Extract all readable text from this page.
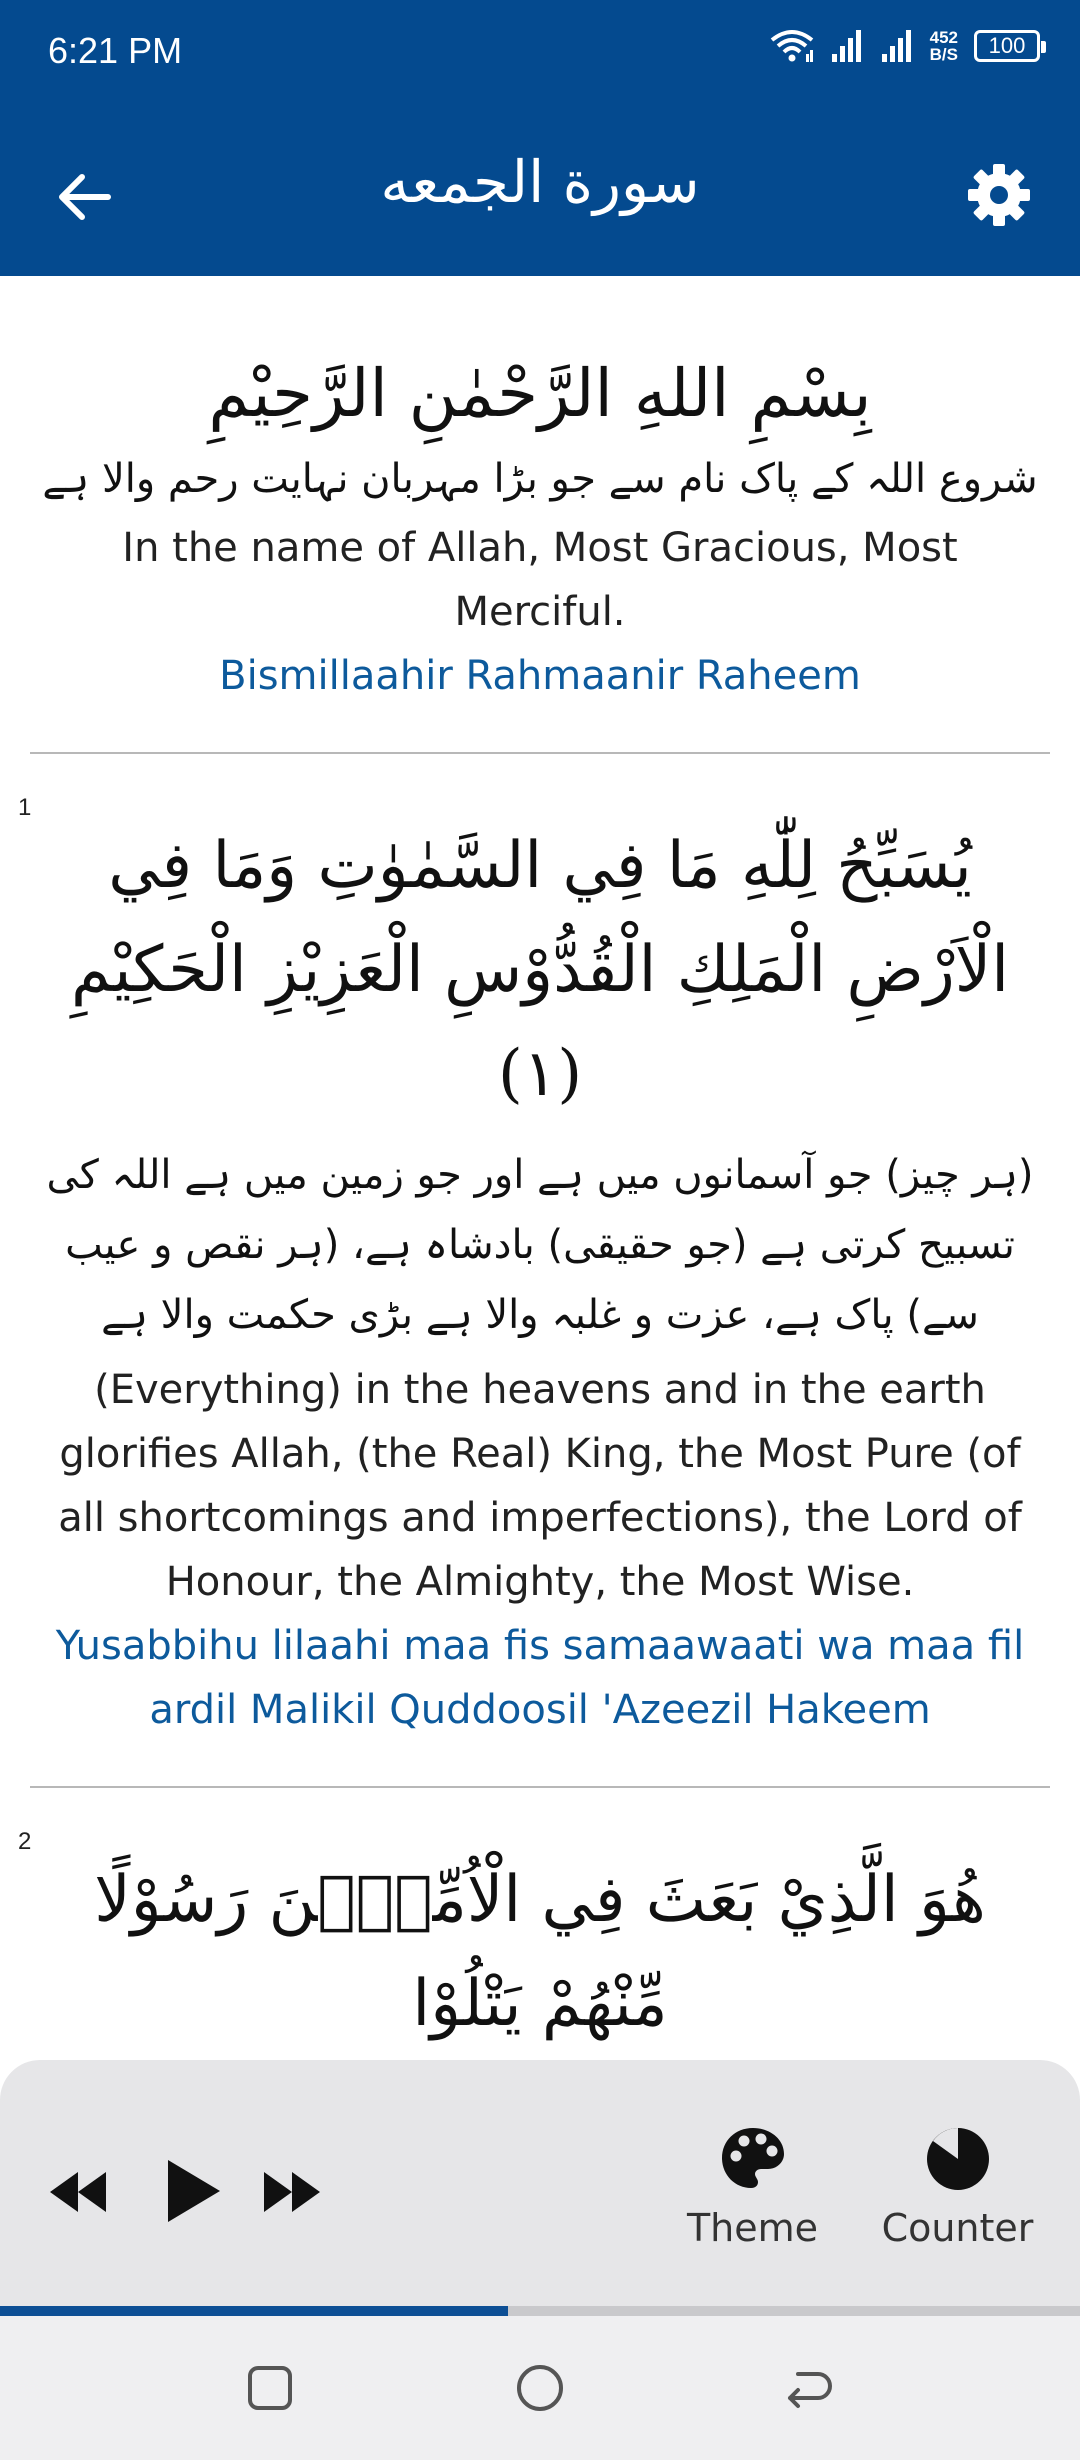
6:21 PM	452
B/S	100
سورة الجمعه
بِسْمِ اللهِ الرَّحْمٰنِ الرَّحِيْمِ
شروع اللہ کے پاک نام سے جو بڑا مہربان نہایت رحم والا ہے
In the name of Allah, Most Gracious, Most Merciful.
Bismillaahir Rahmaanir Raheem
1
يُسَبِّحُ لِلّٰهِ مَا فِي السَّمٰوٰتِ وَمَا فِي الْاَرْضِ الْمَلِكِ الْقُدُّوْسِ الْعَزِيْزِ الْحَكِيْمِ (١)
(ہر چیز) جو آسمانوں میں ہے اور جو زمین میں ہے اللہ کی تسبیح کرتی ہے (جو حقیقی) بادشاہ ہے، (ہر نقص و عیب سے) پاک ہے، عزت و غلبہ والا ہے بڑی حکمت والا ہے
(Everything) in the heavens and in the earth glorifies Allah, (the Real) King, the Most Pure (of all shortcomings and imperfections), the Lord of Honour, the Almighty, the Most Wise.
Yusabbihu lilaahi maa fis samaawaati wa maa fil ardil Malikil Quddoosil 'Azeezil Hakeem
2
هُوَ الَّذِيْ بَعَثَ فِي الْاُمِّيّٖنَ رَسُوْلًا مِّنْهُمْ يَتْلُوْا
Theme	Counter
